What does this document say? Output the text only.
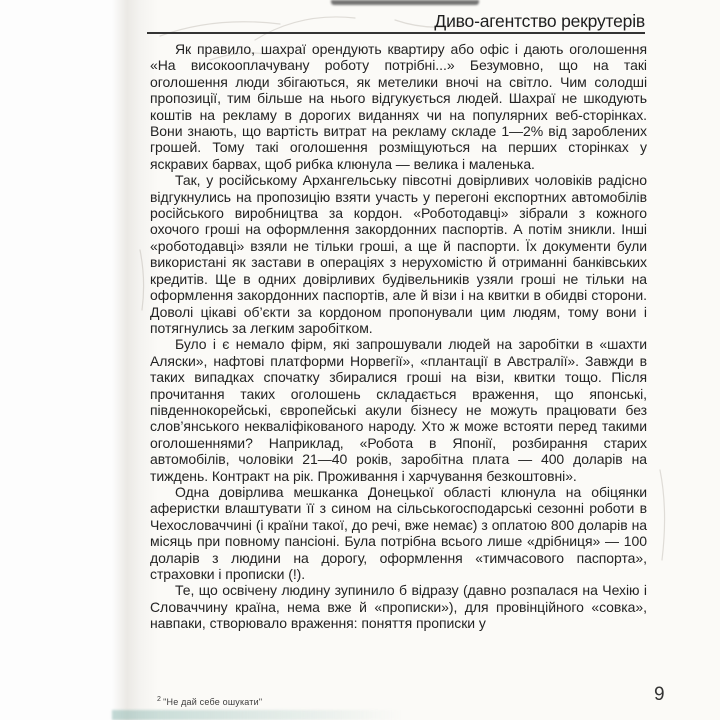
Диво-агентство рекрутерів

Як правило, шахраї орендують квартиру або офіс і дають оголошення «На високооплачувану роботу потрібні...» Безумовно, що на такі оголошення люди збігаються, як метелики вночі на світло. Чим солодші пропозиції, тим більше на нього відгукується людей. Шахраї не шкодують коштів на рекламу в дорогих виданнях чи на популярних веб-сторінках. Вони знають, що вартість витрат на рекламу складе 1—2% від зароблених грошей. Тому такі оголошення розміщуються на перших сторінках у яскравих барвах, щоб рибка клюнула — велика і маленька.

Так, у російському Архангельську півсотні довірливих чоловіків радісно відгукнулись на пропозицію взяти участь у перегоні експортних автомобілів російського виробництва за кордон. «Роботодавці» зібрали з кожного охочого гроші на оформлення закордонних паспортів. А потім зникли. Інші «роботодавці» взяли не тільки гроші, а ще й паспорти. Їх документи були використані як застави в операціях з нерухомістю й отриманні банківських кредитів. Ще в одних довірливих будівельників узяли гроші не тільки на оформлення закордонних паспортів, але й візи і на квитки в обидві сторони. Доволі цікаві об’єкти за кордоном пропонували цим людям, тому вони і потягнулись за легким заробітком.

Було і є немало фірм, які запрошували людей на заробітки в «шахти Аляски», нафтові платформи Норвегії», «плантації в Австралії». Завжди в таких випадках спочатку збиралися гроші на візи, квитки тощо. Після прочитання таких оголошень складається враження, що японські, південнокорейські, європейські акули бізнесу не можуть працювати без слов’янського некваліфікованого народу. Хто ж може встояти перед такими оголошеннями? Наприклад, «Робота в Японії, розбирання старих автомобілів, чоловіки 21—40 років, заробітна плата — 400 доларів на тиждень. Контракт на рік. Проживання і харчування безкоштовні».

Одна довірлива мешканка Донецької області клюнула на обіцянки аферистки влаштувати її з сином на сільськогосподарські сезонні роботи в Чехословаччині (і країни такої, до речі, вже немає) з оплатою 800 доларів на місяць при повному пансіоні. Була потрібна всього лише «дрібниця» — 100 доларів з людини на дорогу, оформлення «тимчасового паспорта», страховки і прописки (!).

Те, що освічену людину зупинило б відразу (давно розпалася на Чехію і Словаччину країна, нема вже й «прописки»), для провінційного «совка», навпаки, створювало враження: поняття прописки у

$^2$ "Не дай себе ошукати"	9
